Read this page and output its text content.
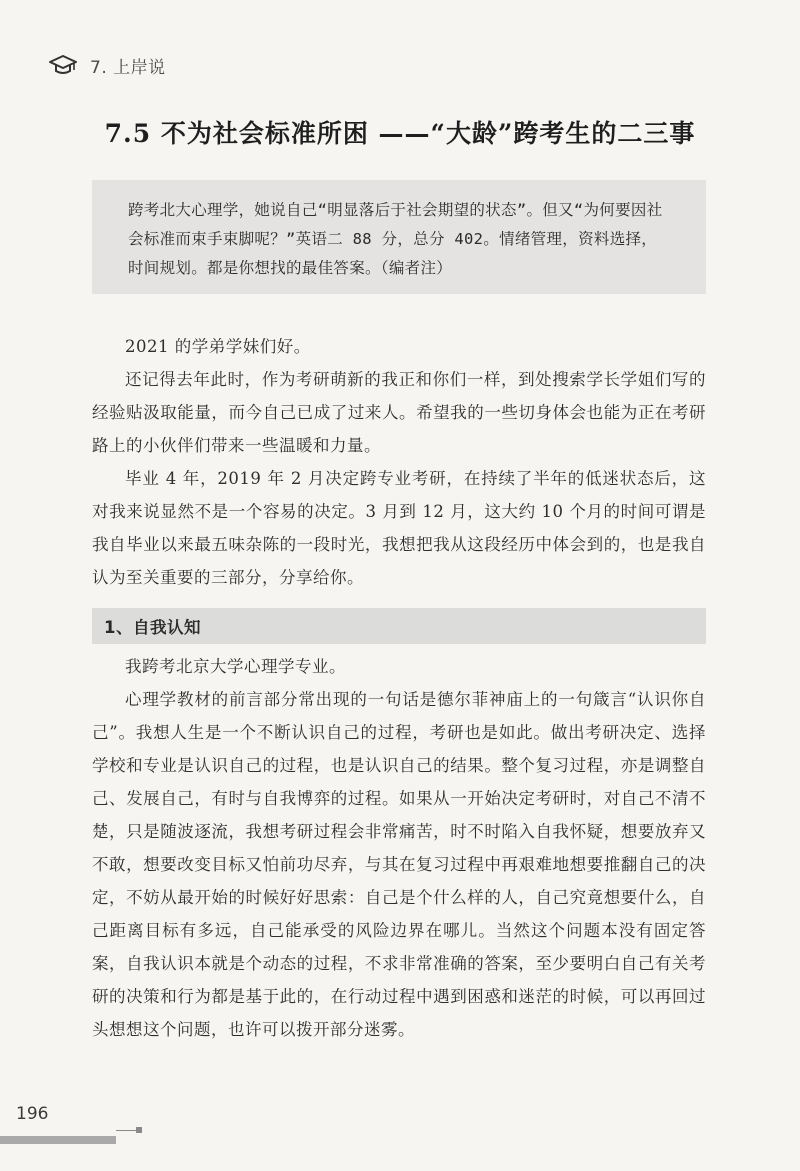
7. 上岸说
7.5 不为社会标准所困 ——“大龄”跨考生的二三事

跨考北大心理学，她说自己“明显落后于社会期望的状态”。但又“为何要因社会标准而束手束脚呢？”英语二 88 分，总分 402。情绪管理，资料选择，时间规划。都是你想找的最佳答案。（编者注）

2021 的学弟学妹们好。

还记得去年此时，作为考研萌新的我正和你们一样，到处搜索学长学姐们写的经验贴汲取能量，而今自己已成了过来人。希望我的一些切身体会也能为正在考研路上的小伙伴们带来一些温暖和力量。

毕业 4 年，2019 年 2 月决定跨专业考研，在持续了半年的低迷状态后，这对我来说显然不是一个容易的决定。3 月到 12 月，这大约 10 个月的时间可谓是我自毕业以来最五味杂陈的一段时光，我想把我从这段经历中体会到的，也是我自认为至关重要的三部分，分享给你。

1、自我认知

我跨考北京大学心理学专业。

心理学教材的前言部分常出现的一句话是德尔菲神庙上的一句箴言“认识你自己”。我想人生是一个不断认识自己的过程，考研也是如此。做出考研决定、选择学校和专业是认识自己的过程，也是认识自己的结果。整个复习过程，亦是调整自己、发展自己，有时与自我博弈的过程。如果从一开始决定考研时，对自己不清不楚，只是随波逐流，我想考研过程会非常痛苦，时不时陷入自我怀疑，想要放弃又不敢，想要改变目标又怕前功尽弃，与其在复习过程中再艰难地想要推翻自己的决定，不妨从最开始的时候好好思索：自己是个什么样的人，自己究竟想要什么，自己距离目标有多远，自己能承受的风险边界在哪儿。当然这个问题本没有固定答案，自我认识本就是个动态的过程，不求非常准确的答案，至少要明白自己有关考研的决策和行为都是基于此的，在行动过程中遇到困惑和迷茫的时候，可以再回过头想想这个问题，也许可以拨开部分迷雾。

196
